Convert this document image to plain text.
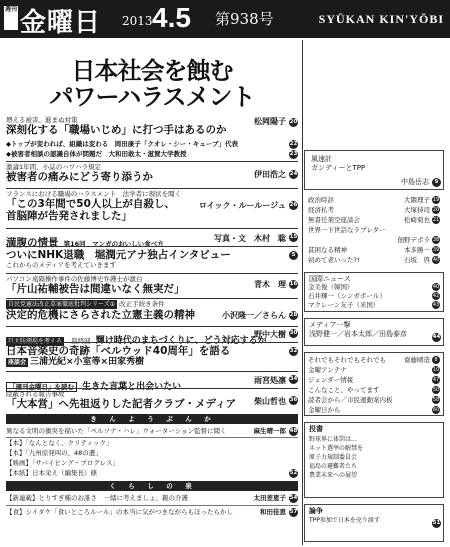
週刊 金曜日 2013 4.5 第938号	SYŪKAN KIN'YŌBI
日本社会を蝕む
パワーハラスメント
増える被害、進まぬ対策
深刻化する「職場いじめ」に打つ手はあるのか
松岡陽子 20
◆トップが変われば、組織は変わる　岡田康子「クオレ・シー・キューブ」代表	22
◆被害者相談の認識自体が問題だ　大和田敢太・滋賀大学教授	23
激論1年間、小誌のハワハラ規定
被害者の痛みにどう寄り添うか	伊田浩之 24
フランスにおける職場のハラスメント　法学者に現状を聞く
「この3年間で50人以上が自殺し、
首脳陣が告発されました」
ロイック・ルールージュ 26
満腹の情景 第16回　マンガのおいしい食べ方
写真・文　木村　聡 15
ついにNHK退職　堀潤元アナ独占インタビュー
これからのメディアを考えていきます
5
パソコン遠隔操作事件の佐藤博史弁護士が激白
「片山祐輔被告は間違いなく無実だ」	青木　理 16
自民党憲法改正草案徹底批判シリーズ① 改正手続き条件
決定的危機にさらされた立憲主義の精神	小沢隆一／さらん 28
巨大防潮堤を考える 最終回 輝け時代のまちづくりに、どう対応するか
野中大樹 30
日本音楽史の奇跡「ベルウッド40周年」を語る
座談会 三浦光紀×小室等×田家秀樹
32
「週刊金曜日」を読む 生きた言葉と出会いたい
雨宮処凛 34
陰蔽される報告事故
「大本営」へ先祖返りした記者クラブ・メディア	柴山哲也 36
き　ん　よ　う　ぶ　ん　か
異なる文明の衝突を描いた「ペルソナ・ハレ」ウォーターション監督に聞く	麻生晴一郎 48
【本】「なんとなく、クリティック」
【本】「九州原発叫の、48の遺」
【映画】「サバイビング・プログレス」
【本紙】日本栄え（編集長）篠	52
く　ら　し　の　泉
【新連載】とりすぎ種のお誰さ　一緒に考えましょ、親の介護	太田差恵子 54
【食】シイタケ「食いところルール」の本当に気がつきながらもほったらかし	和田佳恵 57
風速計
ガンディーとTPP
中島岳志	9
政治時評	大隈理子 19
経済私考	大塚持司 20
無責任架空座談会	松崎菊也 21
世界一下世話なラブレター
佃野デボラ 38
貧困なる精神	本多勝一 39
初めて老いった?!	石坂　啓 40
国際ニュース
金美俊（韓国）	40
石井輝一（シンガポール）	42
マクレーン友子（米国）	43
メディア一撃
浅野健一／岩本太郎／田島泰彦	44
それでもそれでもそれでも	齋藤晴造 8
金曜アンテナ	10
ジェンダー情報	47
こんなこと、やってます	50
読者会から／市民運動案内板	58
金曜日から	60
投書
野球界に体罰は…
ネット選挙の解禁を
原子力規制委員会
福島の避難者たち
農業未来への展望
論争
TPP参加で日本を売り渡す	51
